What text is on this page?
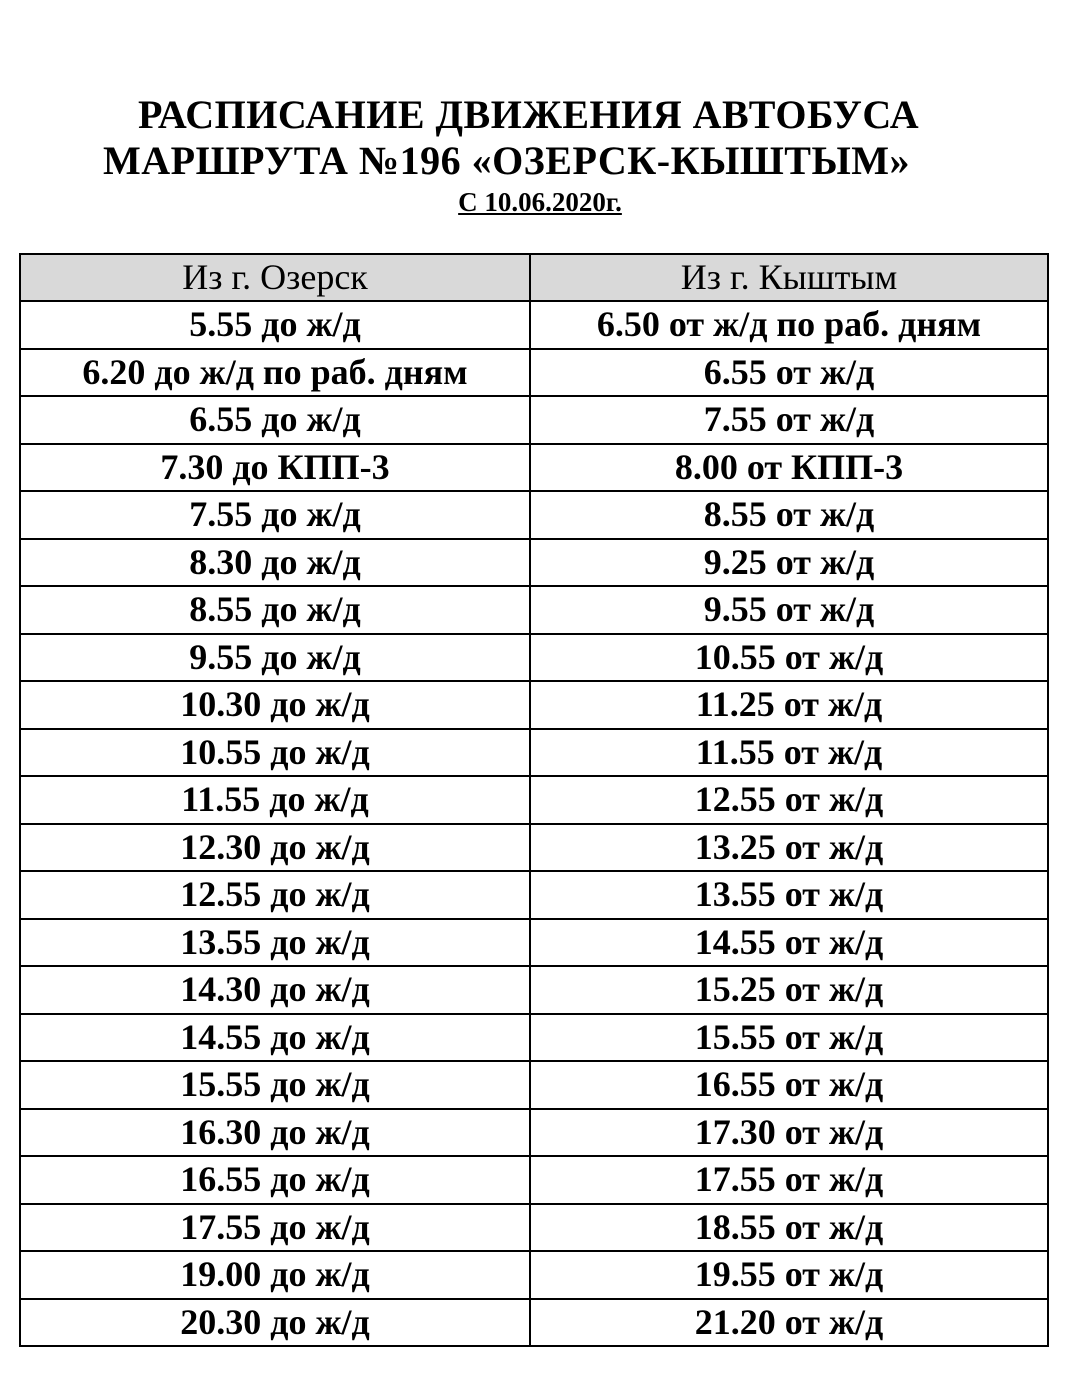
РАСПИСАНИЕ ДВИЖЕНИЯ АВТОБУСА
МАРШРУТА №196 «ОЗЕРСК-КЫШТЫМ»
С 10.06.2020г.
Из г. Озерск	Из г. Кыштым
5.55 до ж/д	6.50 от ж/д по раб. дням
6.20 до ж/д по раб. дням	6.55 от ж/д
6.55 до ж/д	7.55 от ж/д
7.30 до КПП-3	8.00 от КПП-3
7.55 до ж/д	8.55 от ж/д
8.30 до ж/д	9.25 от ж/д
8.55 до ж/д	9.55 от ж/д
9.55 до ж/д	10.55 от ж/д
10.30 до ж/д	11.25 от ж/д
10.55 до ж/д	11.55 от ж/д
11.55 до ж/д	12.55 от ж/д
12.30 до ж/д	13.25 от ж/д
12.55 до ж/д	13.55 от ж/д
13.55 до ж/д	14.55 от ж/д
14.30 до ж/д	15.25 от ж/д
14.55 до ж/д	15.55 от ж/д
15.55 до ж/д	16.55 от ж/д
16.30 до ж/д	17.30 от ж/д
16.55 до ж/д	17.55 от ж/д
17.55 до ж/д	18.55 от ж/д
19.00 до ж/д	19.55 от ж/д
20.30 до ж/д	21.20 от ж/д
